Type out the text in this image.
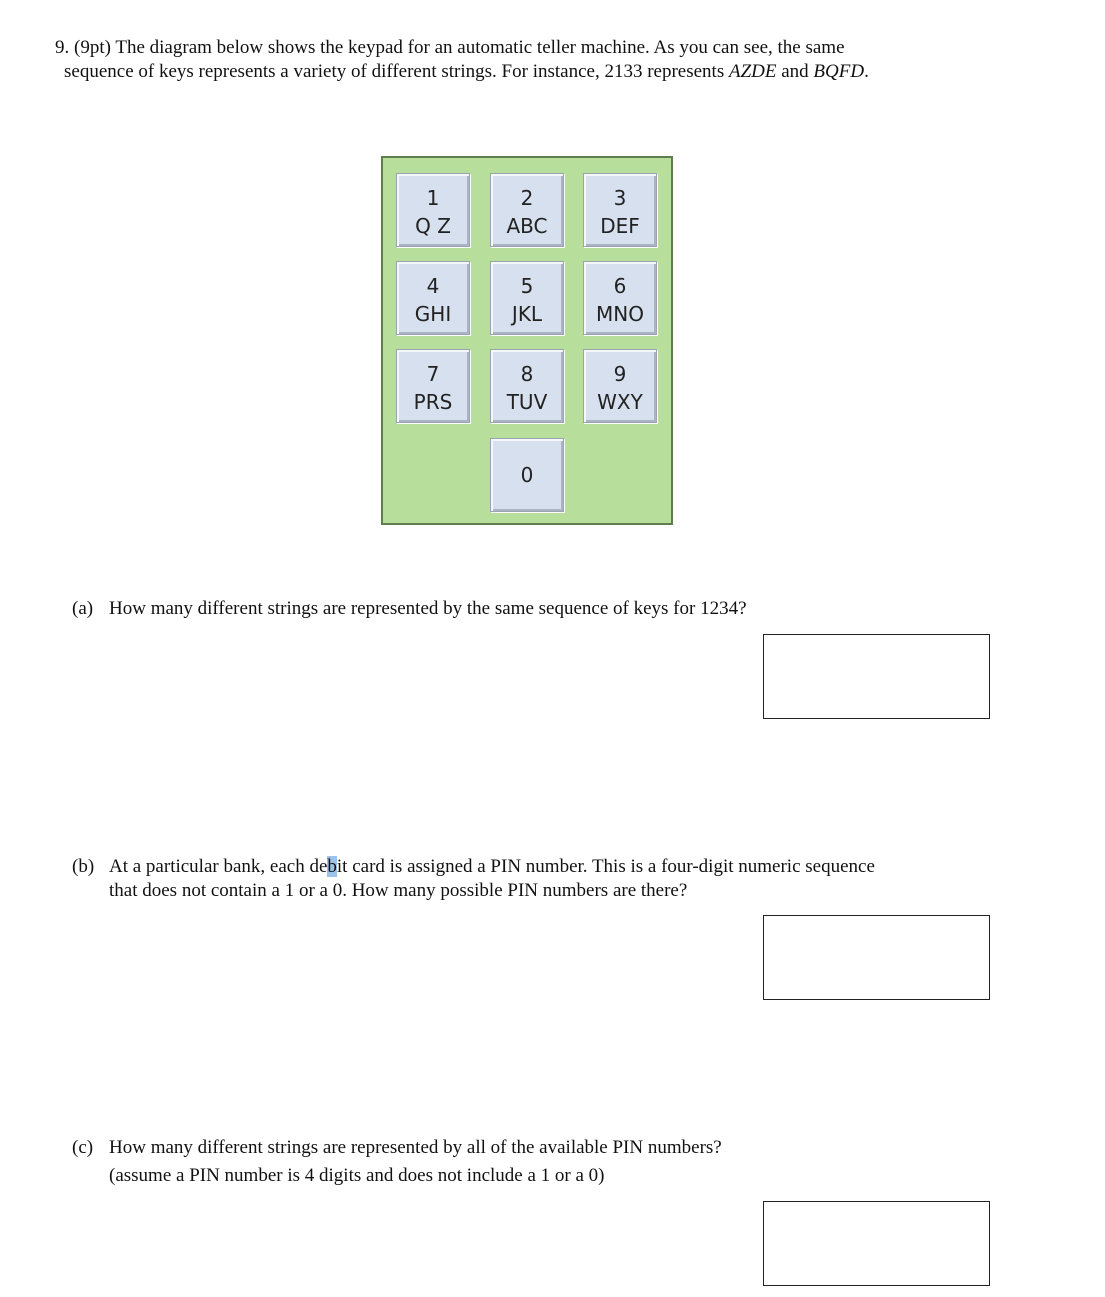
9. (9pt) The diagram below shows the keypad for an automatic teller machine. As you can see, the same
sequence of keys represents a variety of different strings. For instance, 2133 represents AZDE and BQFD.
1
Q Z
2
ABC
3
DEF
4
GHI
5
JKL
6
MNO
7
PRS
8
TUV
9
WXY
0
(a) How many different strings are represented by the same sequence of keys for 1234?
(b) At a particular bank, each debit card is assigned a PIN number. This is a four-digit numeric sequence
that does not contain a 1 or a 0. How many possible PIN numbers are there?
(c) How many different strings are represented by all of the available PIN numbers?
(assume a PIN number is 4 digits and does not include a 1 or a 0)
